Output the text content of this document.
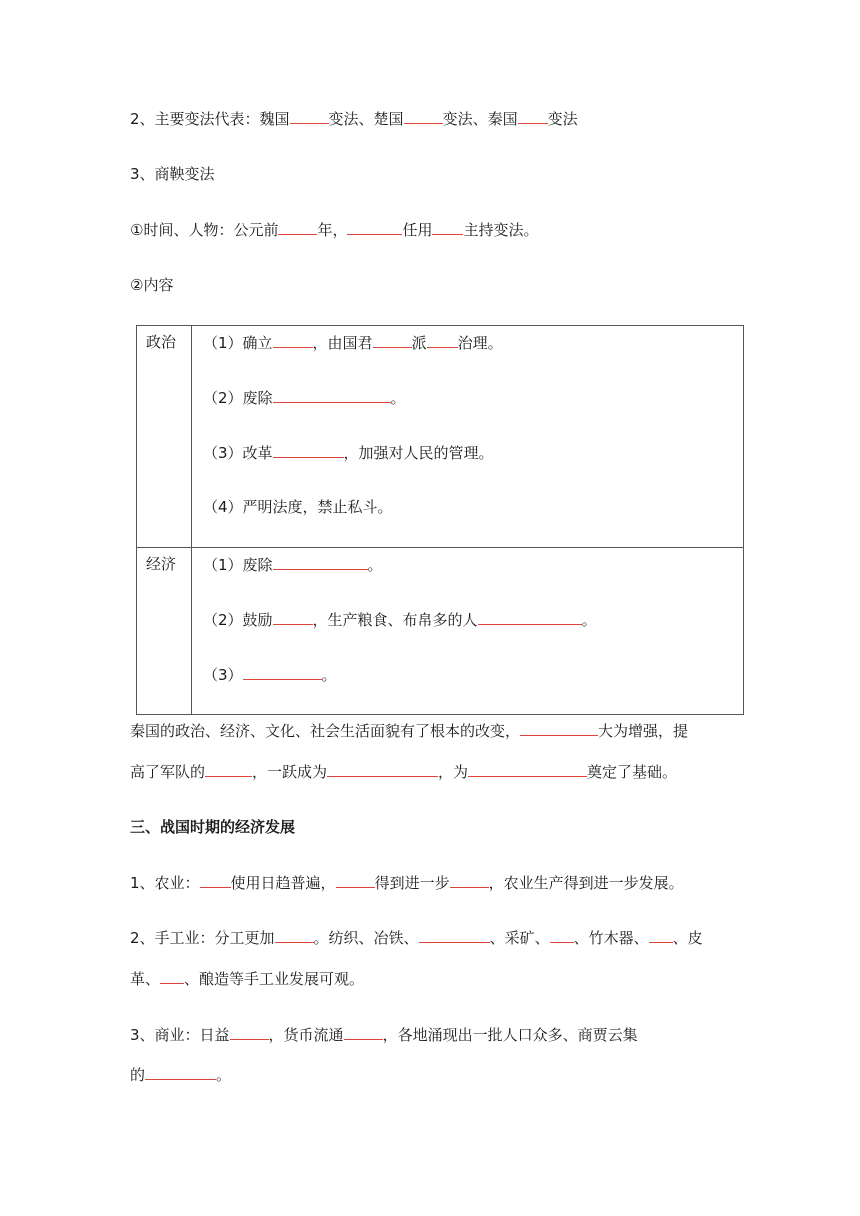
2、主要变法代表：魏国	变法、楚国	变法、秦国 变法
3、商鞅变法
①时间、人物：公元前	年，	任用 主持变法。
②内容
政治	（1）确立 ，由国君 派 治理。
（2）废除 。
（3）改革 ，加强对人民的管理。
（4）严明法度，禁止私斗。

经济	（1）废除 。
（2）鼓励 ，生产粮食、布帛多的人 。
（3） 。
秦国的政治、经济、文化、社会生活面貌有了根本的改变，	大为增强，提
高了军队的	，一跃成为	，为	奠定了基础。
三、战国时期的经济发展
1、农业： 使用日趋普遍，	得到进一步	，农业生产得到进一步发展。
2、手工业：分工更加	。纺织、冶铁、	、采矿、 、竹木器、 、皮
革、 、酿造等手工业发展可观。
3、商业：日益	，货币流通	，各地涌现出一批人口众多、商贾云集
的	。
